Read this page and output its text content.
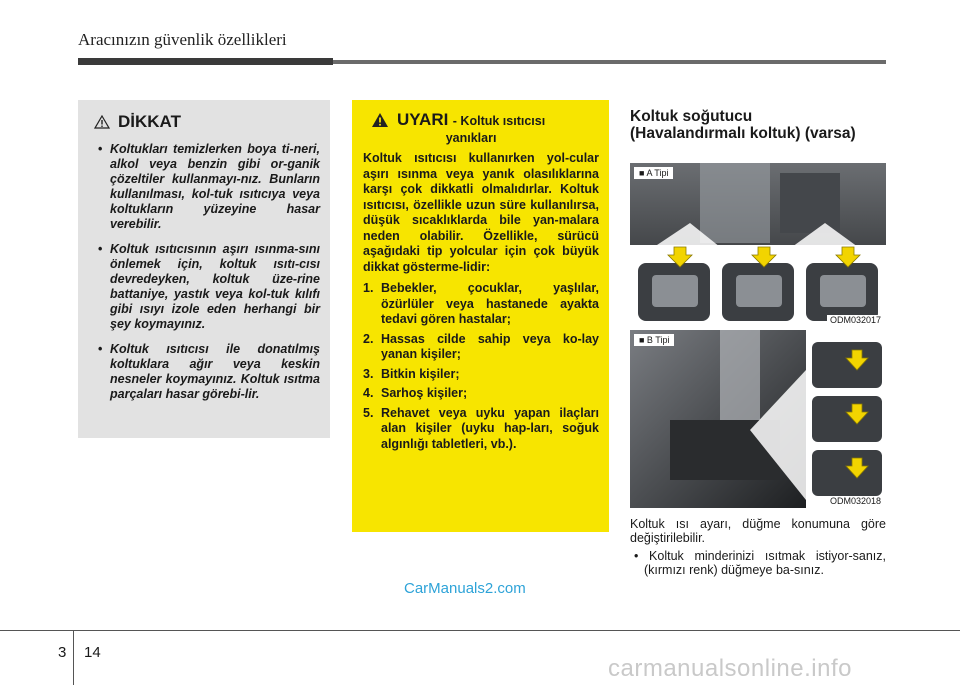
Aracınızın güvenlik özellikleri
DİKKAT
• Koltukları temizlerken boya ti-neri, alkol veya benzin gibi or-ganik çözeltiler kullanmayı-nız. Bunların kullanılması, kol-tuk ısıtıcıya veya koltukların yüzeyine hasar verebilir.
• Koltuk ısıtıcısının aşırı ısınma-sını önlemek için, koltuk ısıtı-cısı devredeyken, koltuk üze-rine battaniye, yastık veya kol-tuk kılıfı gibi ısıyı izole eden herhangi bir şey koymayınız.
• Koltuk ısıtıcısı ile donatılmış koltuklara ağır veya keskin nesneler koymayınız. Koltuk ısıtma parçaları hasar görebi-lir.
UYARI - Koltuk ısıtıcısı
yanıkları

Koltuk ısıtıcısı kullanırken yol-cular aşırı ısınma veya yanık olasılıklarına karşı çok dikkatli olmalıdırlar. Koltuk ısıtıcısı, özellikle uzun süre kullanılırsa, düşük sıcaklıklarda bile yan-malara neden olabilir. Özellikle, sürücü aşağıdaki tip yolcular için çok büyük dikkat gösterme-lidir:

1. Bebekler, çocuklar, yaşlılar, özürlüler veya hastanede ayakta tedavi gören hastalar;
2. Hassas cilde sahip veya ko-lay yanan kişiler;
3. Bitkin kişiler;
4. Sarhoş kişiler;
5. Rehavet veya uyku yapan ilaçları alan kişiler (uyku hap-ları, soğuk algınlığı tabletleri, vb.).
Koltuk soğutucu
(Havalandırmalı koltuk) (varsa)
■ A Tipi
ODM032017
■ B Tipi
ODM032018

Koltuk ısı ayarı, düğme konumuna göre değiştirilebilir.

• Koltuk minderinizi ısıtmak istiyor-sanız, (kırmızı renk) düğmeye ba-sınız.

CarManuals2.com
3 14
carmanualsonline.info
